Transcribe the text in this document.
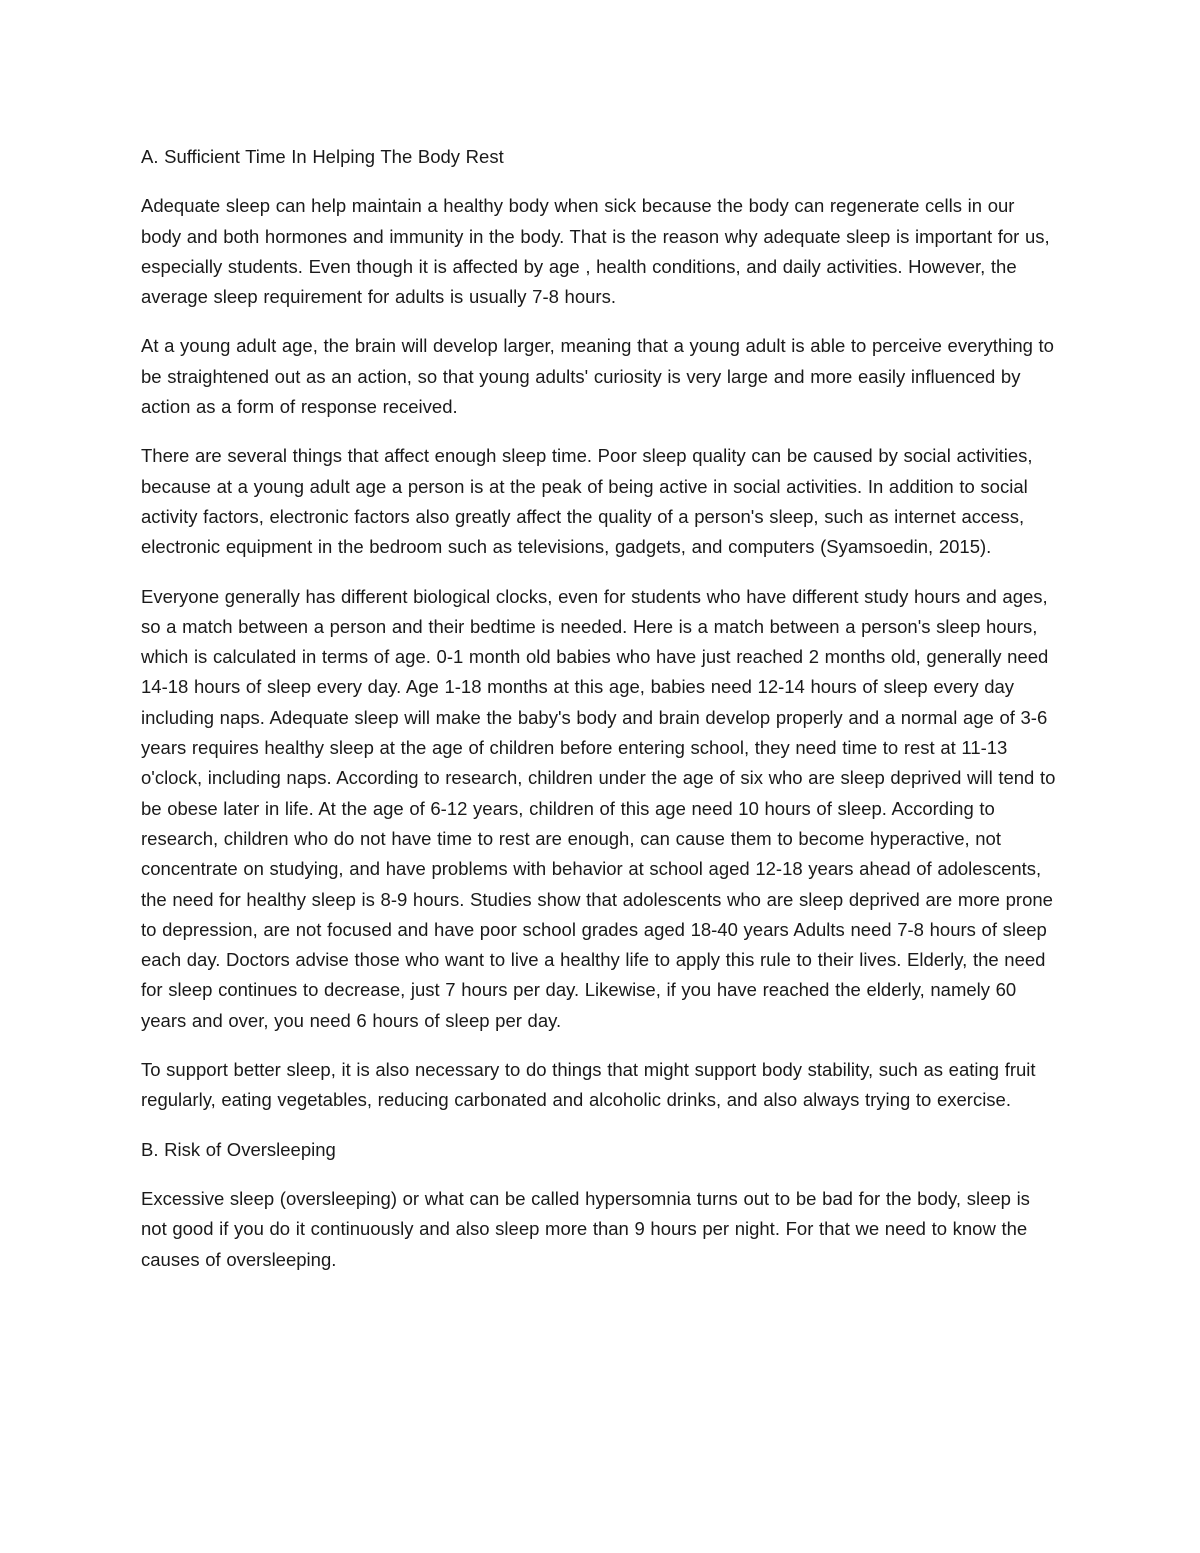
A. Sufficient Time In Helping The Body Rest

Adequate sleep can help maintain a healthy body when sick because the body can regenerate cells in our body and both hormones and immunity in the body. That is the reason why adequate sleep is important for us, especially students. Even though it is affected by age , health conditions, and daily activities. However, the average sleep requirement for adults is usually 7-8 hours.

At a young adult age, the brain will develop larger, meaning that a young adult is able to perceive everything to be straightened out as an action, so that young adults' curiosity is very large and more easily influenced by action as a form of response received.

There are several things that affect enough sleep time. Poor sleep quality can be caused by social activities, because at a young adult age a person is at the peak of being active in social activities. In addition to social activity factors, electronic factors also greatly affect the quality of a person's sleep, such as internet access, electronic equipment in the bedroom such as televisions, gadgets, and computers (Syamsoedin, 2015).

Everyone generally has different biological clocks, even for students who have different study hours and ages, so a match between a person and their bedtime is needed. Here is a match between a person's sleep hours, which is calculated in terms of age. 0-1 month old babies who have just reached 2 months old, generally need 14-18 hours of sleep every day. Age 1-18 months at this age, babies need 12-14 hours of sleep every day including naps. Adequate sleep will make the baby's body and brain develop properly and a normal age of 3-6 years requires healthy sleep at the age of children before entering school, they need time to rest at 11-13 o'clock, including naps. According to research, children under the age of six who are sleep deprived will tend to be obese later in life. At the age of 6-12 years, children of this age need 10 hours of sleep. According to research, children who do not have time to rest are enough, can cause them to become hyperactive, not concentrate on studying, and have problems with behavior at school aged 12-18 years ahead of adolescents, the need for healthy sleep is 8-9 hours. Studies show that adolescents who are sleep deprived are more prone to depression, are not focused and have poor school grades aged 18-40 years Adults need 7-8 hours of sleep each day. Doctors advise those who want to live a healthy life to apply this rule to their lives. Elderly, the need for sleep continues to decrease, just 7 hours per day. Likewise, if you have reached the elderly, namely 60 years and over, you need 6 hours of sleep per day.

To support better sleep, it is also necessary to do things that might support body stability, such as eating fruit regularly, eating vegetables, reducing carbonated and alcoholic drinks, and also always trying to exercise.

B. Risk of Oversleeping

Excessive sleep (oversleeping) or what can be called hypersomnia turns out to be bad for the body, sleep is not good if you do it continuously and also sleep more than 9 hours per night. For that we need to know the causes of oversleeping.
